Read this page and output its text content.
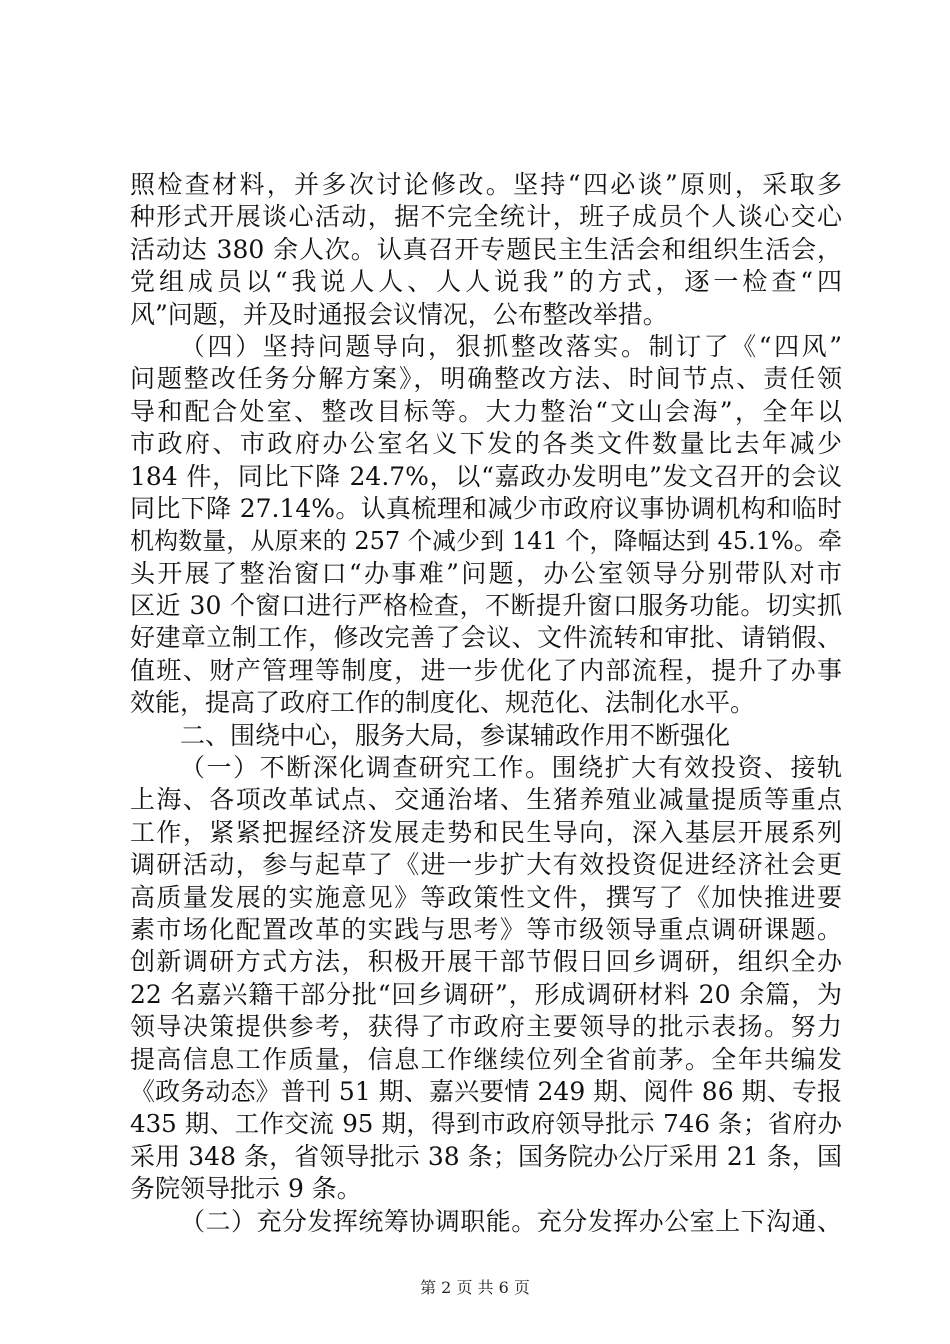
照检查材料，并多次讨论修改。坚持“四必谈”原则，采取多
种形式开展谈心活动，据不完全统计，班子成员个人谈心交心
活动达 380 余人次。认真召开专题民主生活会和组织生活会，
党组成员以“我说人人、人人说我”的方式，逐一检查“四
风”问题，并及时通报会议情况，公布整改举措。
（四）坚持问题导向，狠抓整改落实。制订了《“四风”
问题整改任务分解方案》，明确整改方法、时间节点、责任领
导和配合处室、整改目标等。大力整治“文山会海”，全年以
市政府、市政府办公室名义下发的各类文件数量比去年减少
184 件，同比下降 24.7%，以“嘉政办发明电”发文召开的会议
同比下降 27.14%。认真梳理和减少市政府议事协调机构和临时
机构数量，从原来的 257 个减少到 141 个，降幅达到 45.1%。牵
头开展了整治窗口“办事难”问题，办公室领导分别带队对市
区近 30 个窗口进行严格检查，不断提升窗口服务功能。切实抓
好建章立制工作，修改完善了会议、文件流转和审批、请销假、
值班、财产管理等制度，进一步优化了内部流程，提升了办事
效能，提高了政府工作的制度化、规范化、法制化水平。
二、围绕中心，服务大局，参谋辅政作用不断强化
（一）不断深化调查研究工作。围绕扩大有效投资、接轨
上海、各项改革试点、交通治堵、生猪养殖业减量提质等重点
工作，紧紧把握经济发展走势和民生导向，深入基层开展系列
调研活动，参与起草了《进一步扩大有效投资促进经济社会更
高质量发展的实施意见》等政策性文件，撰写了《加快推进要
素市场化配置改革的实践与思考》等市级领导重点调研课题。
创新调研方式方法，积极开展干部节假日回乡调研，组织全办
22 名嘉兴籍干部分批“回乡调研”，形成调研材料 20 余篇，为
领导决策提供参考，获得了市政府主要领导的批示表扬。努力
提高信息工作质量，信息工作继续位列全省前茅。全年共编发
《政务动态》普刊 51 期、嘉兴要情 249 期、阅件 86 期、专报
435 期、工作交流 95 期，得到市政府领导批示 746 条；省府办
采用 348 条，省领导批示 38 条；国务院办公厅采用 21 条，国
务院领导批示 9 条。
（二）充分发挥统筹协调职能。充分发挥办公室上下沟通、
第 2 页 共 6 页
